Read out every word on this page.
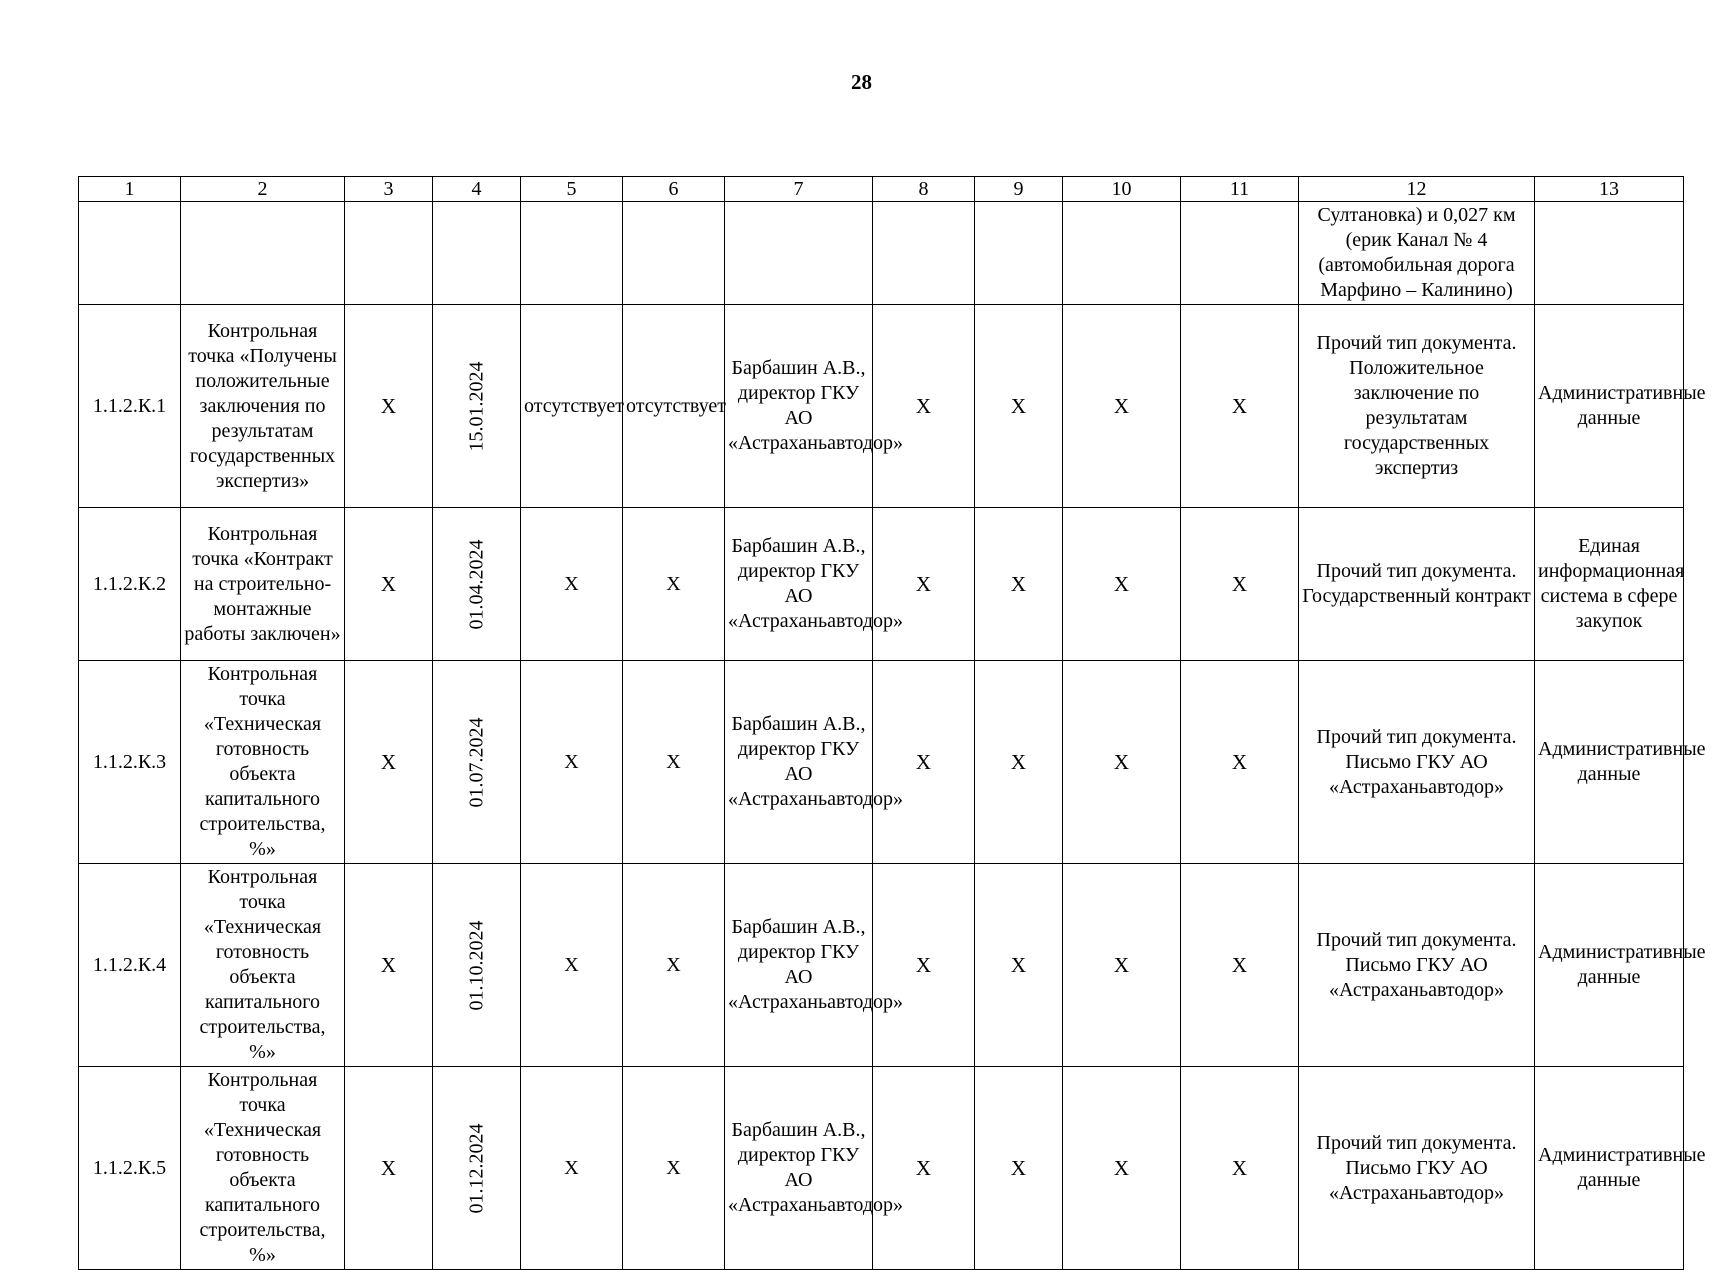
28
1	2	3	4	5	6	7	8	9	10	11	12	13
											Султановка) и 0,027 км (ерик Канал № 4 (автомобильная дорога Марфино – Калинино)	
1.1.2.К.1	Контрольная точка «Получены положительные заключения по результатам государственных экспертиз»	X	15.01.2024	отсутствует	отсутствует	Барбашин А.В., директор ГКУ АО «Астраханьавтодор»	X	X	X	X	Прочий тип документа. Положительное заключение по результатам государственных экспертиз	Административные данные
1.1.2.К.2	Контрольная точка «Контракт на строительно-монтажные работы заключен»	X	01.04.2024	X	X	Барбашин А.В., директор ГКУ АО «Астраханьавтодор»	X	X	X	X	Прочий тип документа. Государственный контракт	Единая информационная система в сфере закупок
1.1.2.К.3	Контрольная точка «Техническая готовность объекта капитального строительства, %»	X	01.07.2024	X	X	Барбашин А.В., директор ГКУ АО «Астраханьавтодор»	X	X	X	X	Прочий тип документа. Письмо ГКУ АО «Астраханьавтодор»	Административные данные
1.1.2.К.4	Контрольная точка «Техническая готовность объекта капитального строительства, %»	X	01.10.2024	X	X	Барбашин А.В., директор ГКУ АО «Астраханьавтодор»	X	X	X	X	Прочий тип документа. Письмо ГКУ АО «Астраханьавтодор»	Административные данные
1.1.2.К.5	Контрольная точка «Техническая готовность объекта капитального строительства, %»	X	01.12.2024	X	X	Барбашин А.В., директор ГКУ АО «Астраханьавтодор»	X	X	X	X	Прочий тип документа. Письмо ГКУ АО «Астраханьавтодор»	Административные данные
